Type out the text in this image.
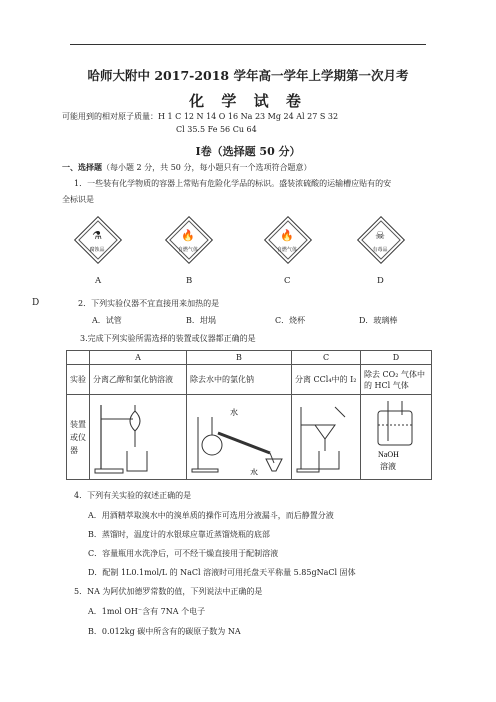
哈师大附中 2017-2018 学年高一学年上学期第一次月考
化 学 试 卷
可能用到的相对原子质量：H 1 C 12 N 14 O 16 Na 23 Mg 24 Al 27 S 32
Cl 35.5 Fe 56 Cu 64
Ⅰ卷（选择题 50 分）
一、选择题（每小题 2 分，共 50 分，每小题只有一个选项符合题意）
1．一些装有化学物质的容器上常贴有危险化学品的标识。盛装浓硫酸的运输槽应贴有的安
全标识是
⚗
腐蚀品
🔥
自燃气体
🔥
自燃气体
☠
有毒品
A	B	C	D
D	2．下列实验仪器不宜直接用来加热的是
A．试管	B．坩埚	C．烧杯	D．玻璃棒
3.完成下列实验所需选择的装置或仪器都正确的是
	A	B	C	D
实验	分离乙醇和氯化钠溶液	除去水中的氯化钠	分离 CCl₄中的 I₂	除去 CO₂ 气体中的 HCl 气体
装置或仪器		水
水		NaOH
溶液
4．下列有关实验的叙述正确的是
A．用酒精萃取溴水中的溴单质的操作可选用分液漏斗，而后静置分液
B．蒸馏时，温度计的水银球应靠近蒸馏烧瓶的底部
C．容量瓶用水洗净后，可不经干燥直接用于配制溶液
D．配制 1L0.1mol/L 的 NaCl 溶液时可用托盘天平称量 5.85gNaCl 固体
5．NA 为阿伏加德罗常数的值，下列说法中正确的是
A．1mol OH⁻含有 7NA 个电子
B．0.012kg 碳中所含有的碳原子数为 NA
